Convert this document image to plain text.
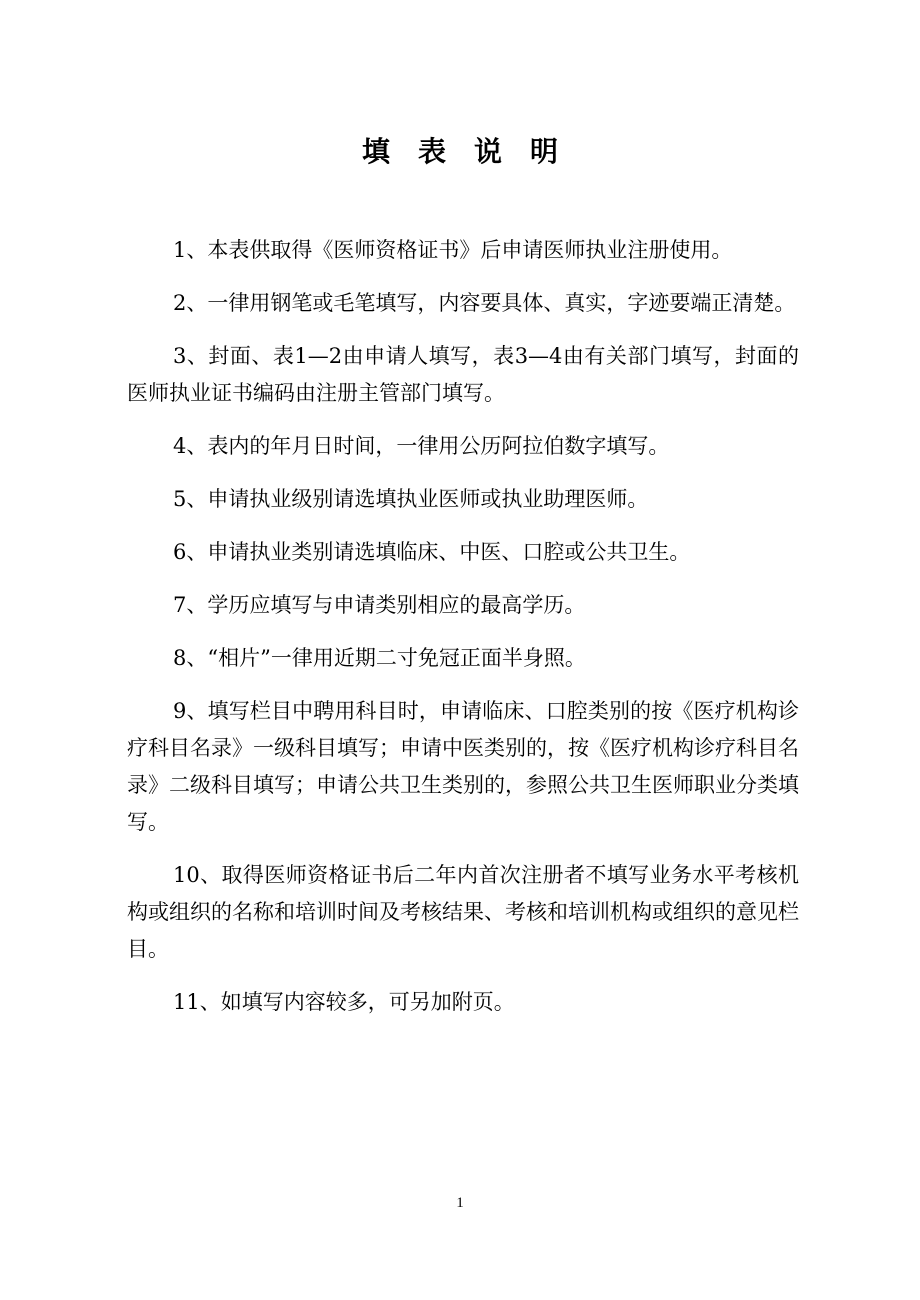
填表说明
1、本表供取得《医师资格证书》后申请医师执业注册使用。
2、一律用钢笔或毛笔填写，内容要具体、真实，字迹要端正清楚。
3、封面、表1—2由申请人填写，表3—4由有关部门填写，封面的医师执业证书编码由注册主管部门填写。
4、表内的年月日时间，一律用公历阿拉伯数字填写。
5、申请执业级别请选填执业医师或执业助理医师。
6、申请执业类别请选填临床、中医、口腔或公共卫生。
7、学历应填写与申请类别相应的最高学历。
8、“相片”一律用近期二寸免冠正面半身照。
9、填写栏目中聘用科目时，申请临床、口腔类别的按《医疗机构诊疗科目名录》一级科目填写；申请中医类别的，按《医疗机构诊疗科目名录》二级科目填写；申请公共卫生类别的，参照公共卫生医师职业分类填写。
10、取得医师资格证书后二年内首次注册者不填写业务水平考核机构或组织的名称和培训时间及考核结果、考核和培训机构或组织的意见栏目。
11、如填写内容较多，可另加附页。
1
